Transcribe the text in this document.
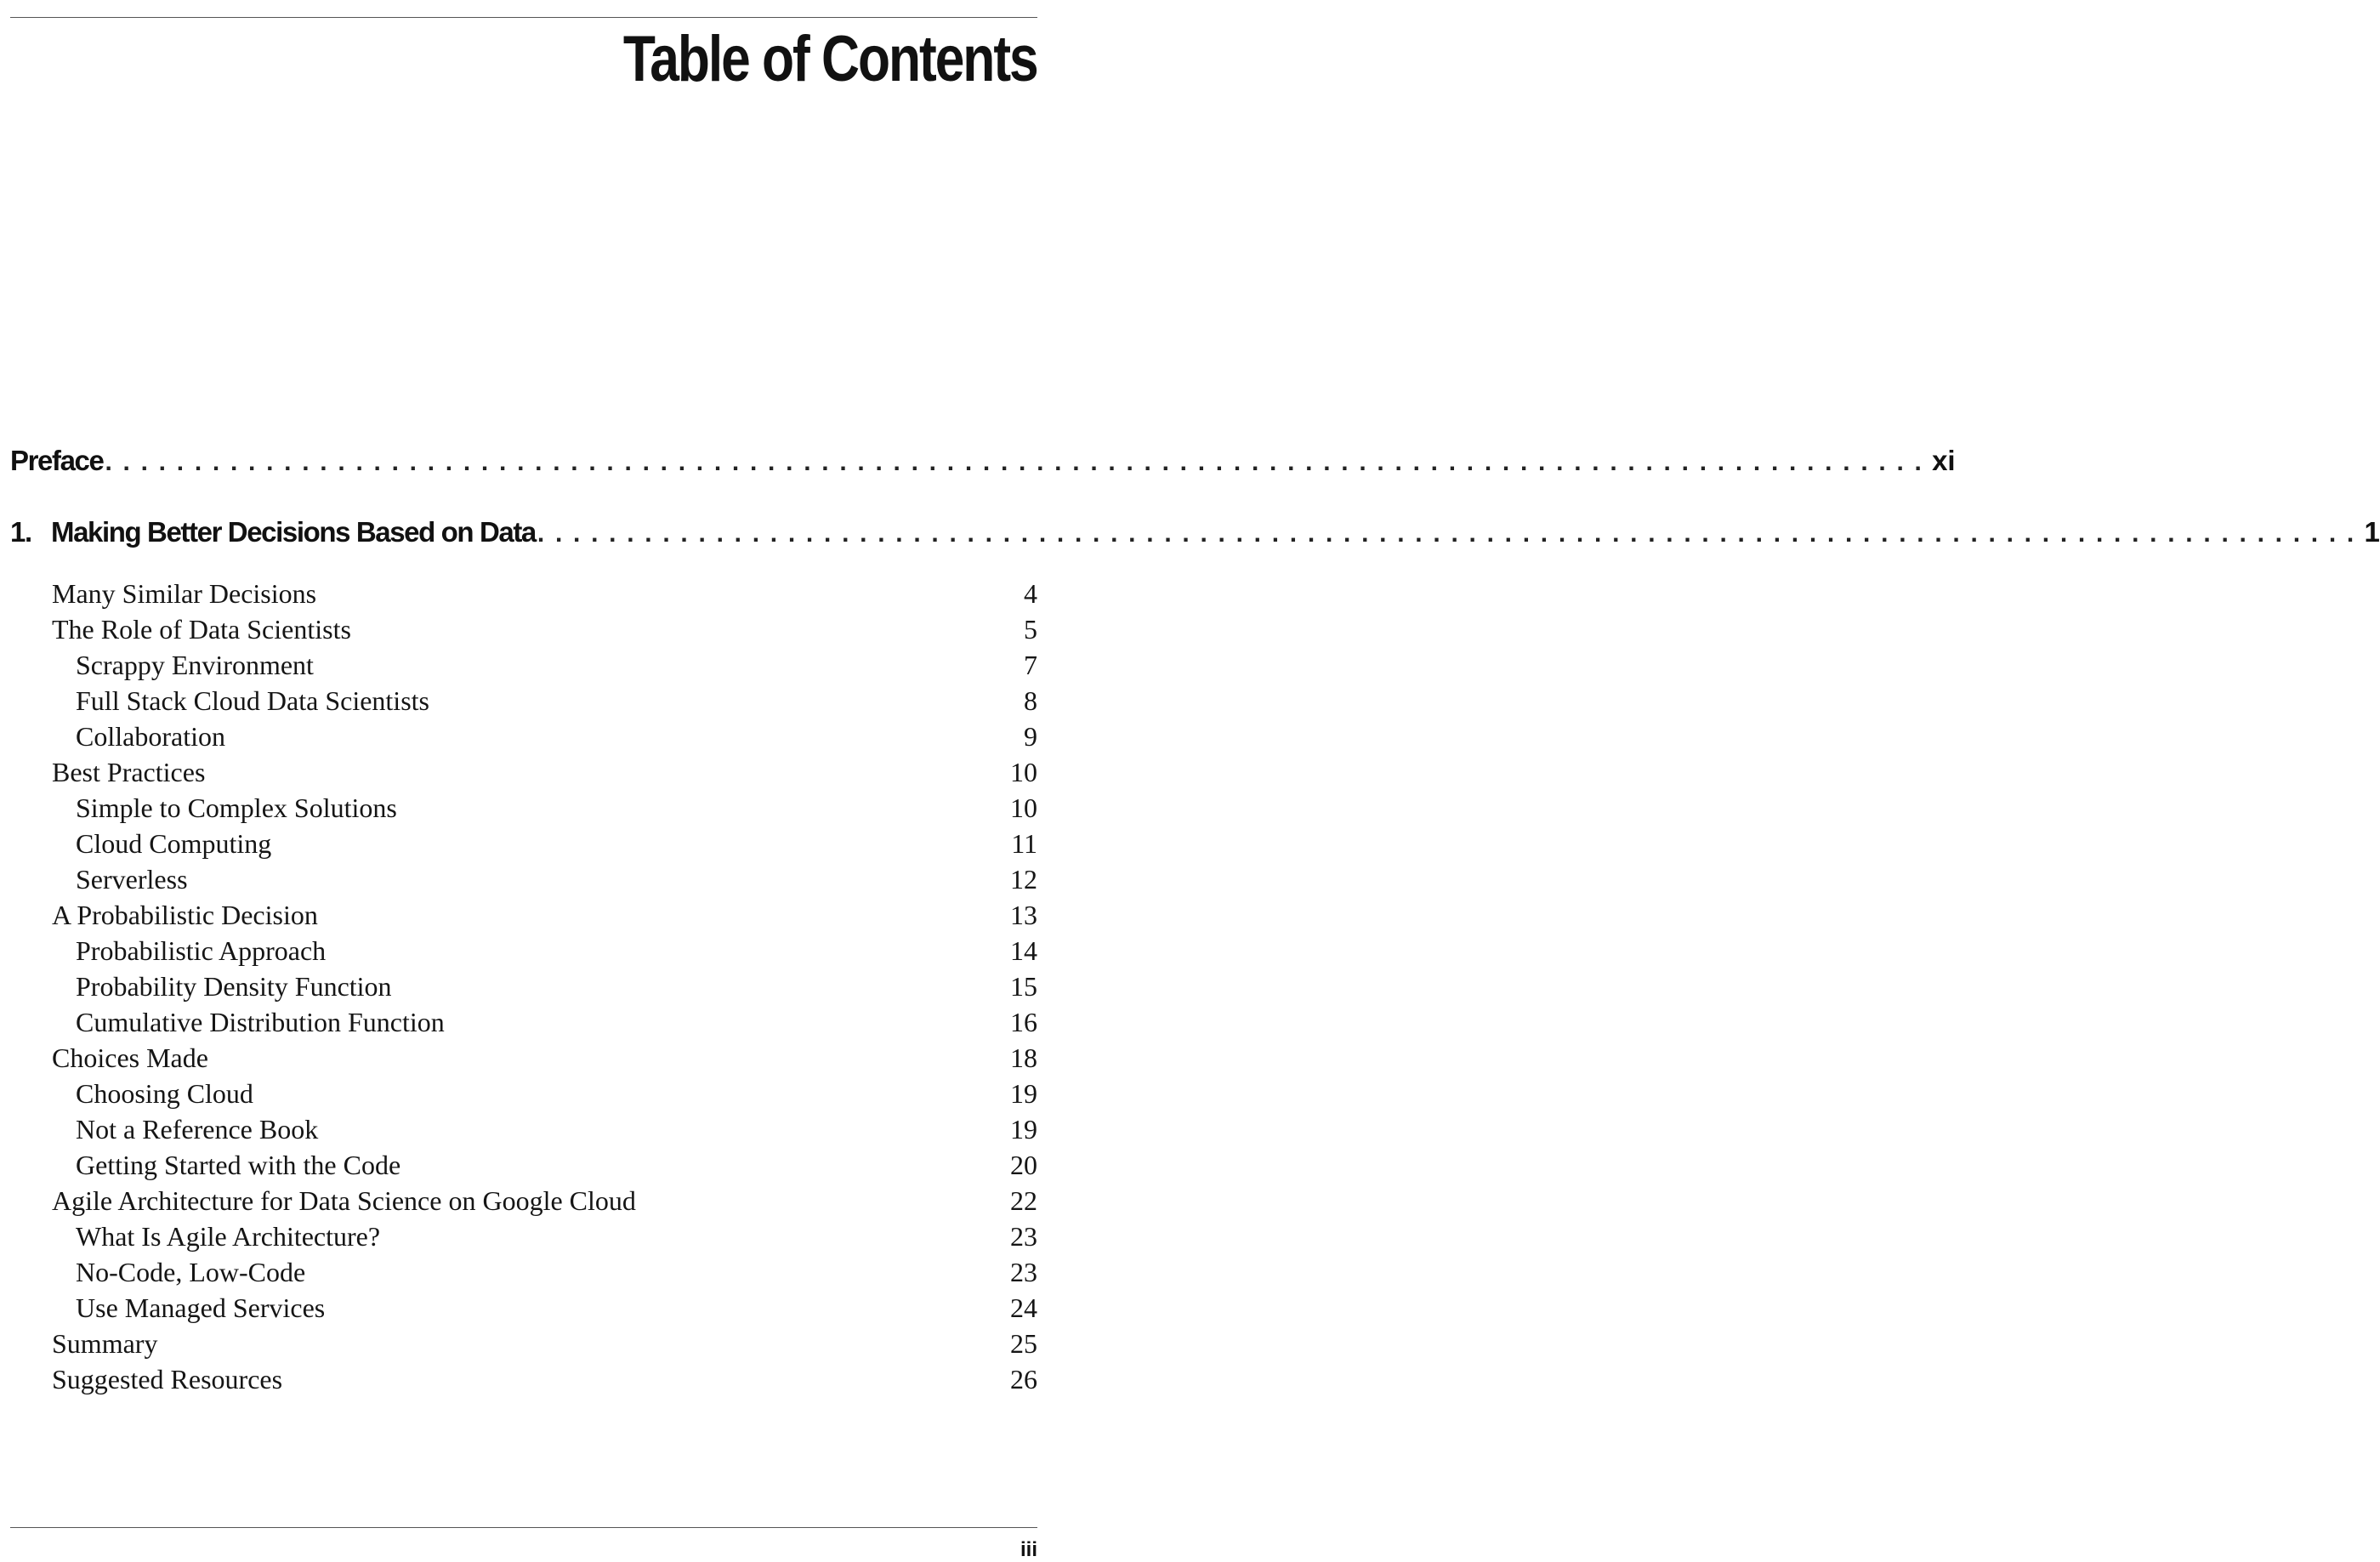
Table of Contents
Preface . . . . . . . . . . . . . . . . . . . . . . . . . . . . . . . . . . . . . . . . . . . . . . . . . . . . . . . . . . . . . . . . . . . . . . . . . . . . . . . . . . . . . . . . . . . . . . . . . . . . . . xi
1. Making Better Decisions Based on Data . . . . . . . . . . . . . . . . . . . . . . . . . . . . . . . . . . . . . . . . . . . . . . . . . . . . . . . . . . . . . . . . . . . . . . . . . . . . . . . . . . . . . . . . . . . . . . . . . . . . . . 1
Many Similar Decisions	4
The Role of Data Scientists	5
Scrappy Environment	7
Full Stack Cloud Data Scientists	8
Collaboration	9
Best Practices	10
Simple to Complex Solutions	10
Cloud Computing	11
Serverless	12
A Probabilistic Decision	13
Probabilistic Approach	14
Probability Density Function	15
Cumulative Distribution Function	16
Choices Made	18
Choosing Cloud	19
Not a Reference Book	19
Getting Started with the Code	20
Agile Architecture for Data Science on Google Cloud	22
What Is Agile Architecture?	23
No-Code, Low-Code	23
Use Managed Services	24
Summary	25
Suggested Resources	26
iii
